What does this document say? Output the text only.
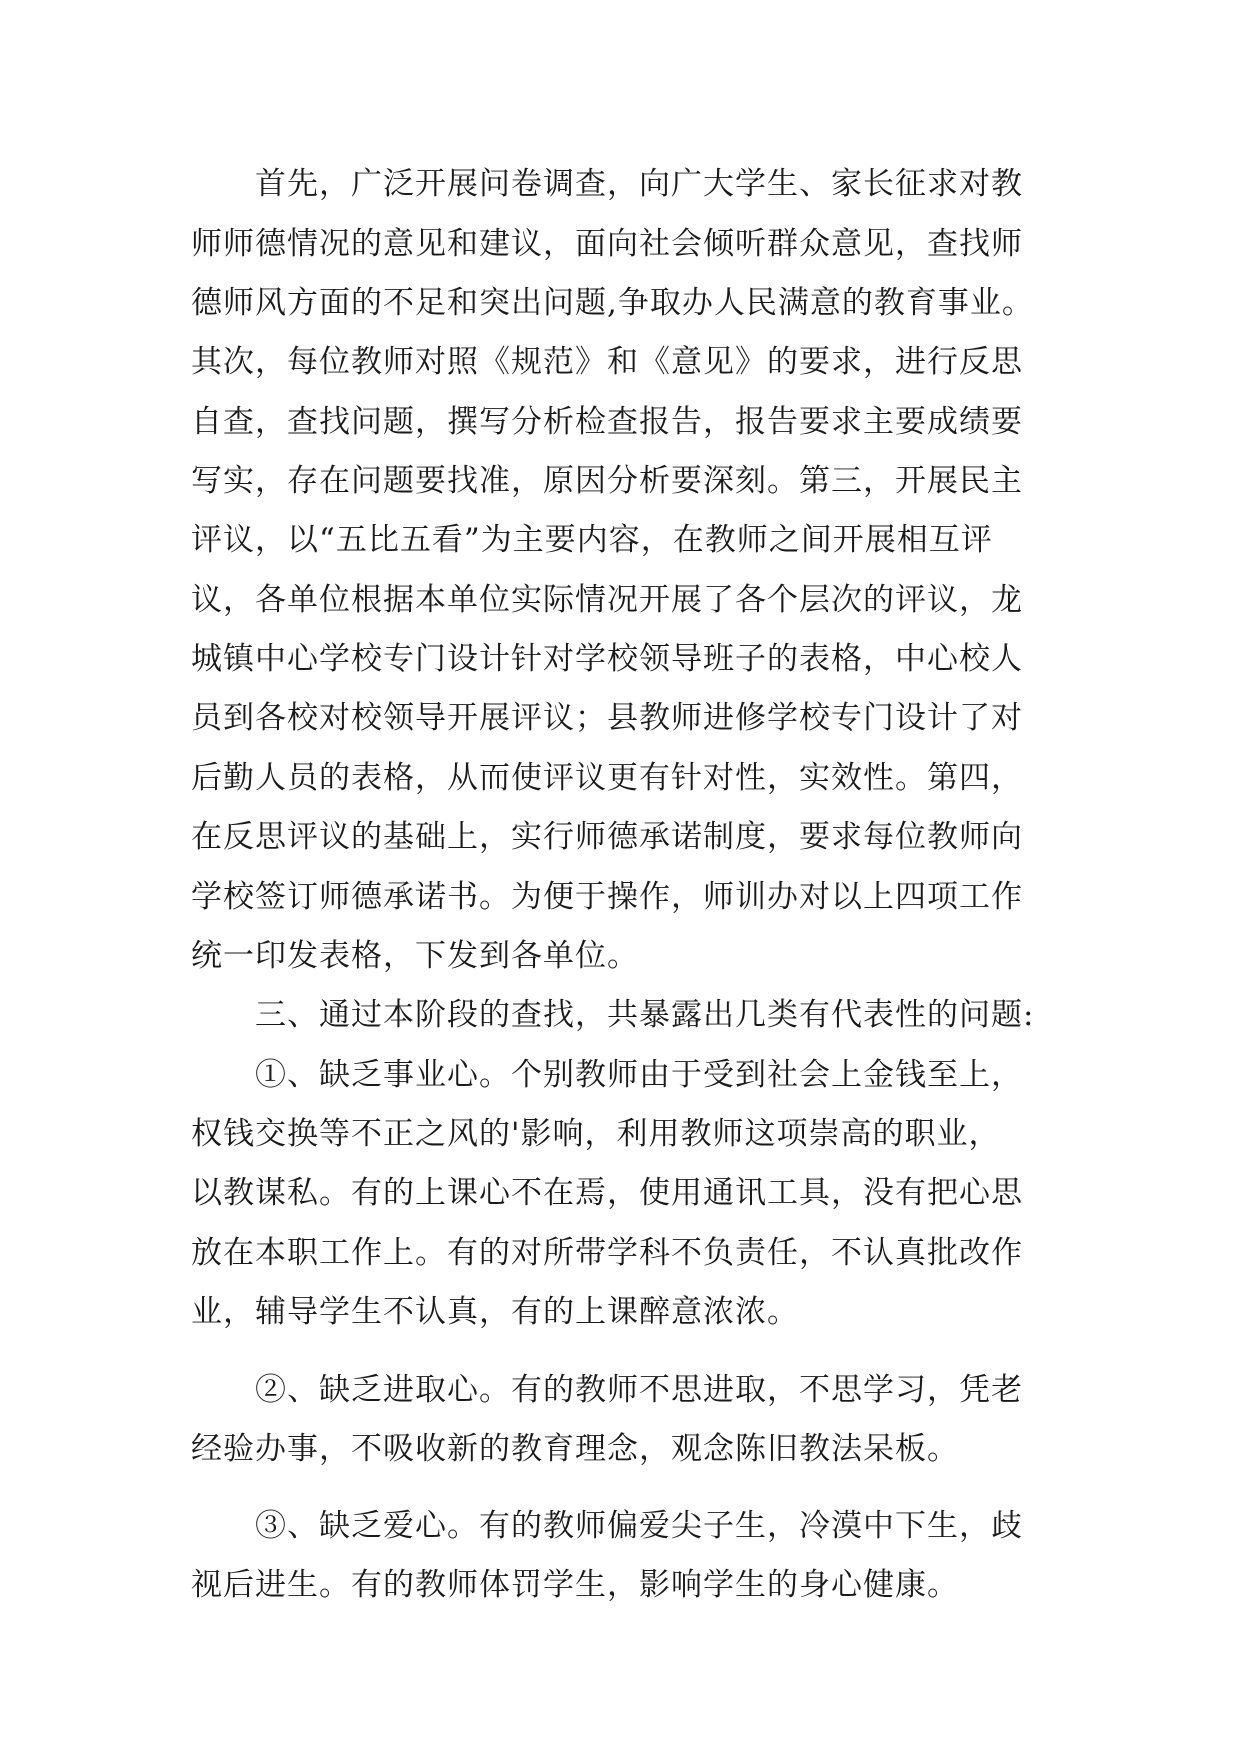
首先，广泛开展问卷调查，向广大学生、家长征求对教
师师德情况的意见和建议，面向社会倾听群众意见，查找师
德师风方面的不足和突出问题,争取办人民满意的教育事业。
其次，每位教师对照《规范》和《意见》的要求，进行反思
自查，查找问题，撰写分析检查报告，报告要求主要成绩要
写实，存在问题要找准，原因分析要深刻。第三，开展民主
评议，以“五比五看”为主要内容，在教师之间开展相互评
议，各单位根据本单位实际情况开展了各个层次的评议，龙
城镇中心学校专门设计针对学校领导班子的表格，中心校人
员到各校对校领导开展评议；县教师进修学校专门设计了对
后勤人员的表格，从而使评议更有针对性，实效性。第四，
在反思评议的基础上，实行师德承诺制度，要求每位教师向
学校签订师德承诺书。为便于操作，师训办对以上四项工作
统一印发表格，下发到各单位。
三、通过本阶段的查找，共暴露出几类有代表性的问题:
①、缺乏事业心。个别教师由于受到社会上金钱至上，
权钱交换等不正之风的'影响，利用教师这项崇高的职业，
以教谋私。有的上课心不在焉，使用通讯工具，没有把心思
放在本职工作上。有的对所带学科不负责任，不认真批改作
业，辅导学生不认真，有的上课醉意浓浓。
②、缺乏进取心。有的教师不思进取，不思学习，凭老
经验办事，不吸收新的教育理念，观念陈旧教法呆板。
③、缺乏爱心。有的教师偏爱尖子生，冷漠中下生，歧
视后进生。有的教师体罚学生，影响学生的身心健康。
